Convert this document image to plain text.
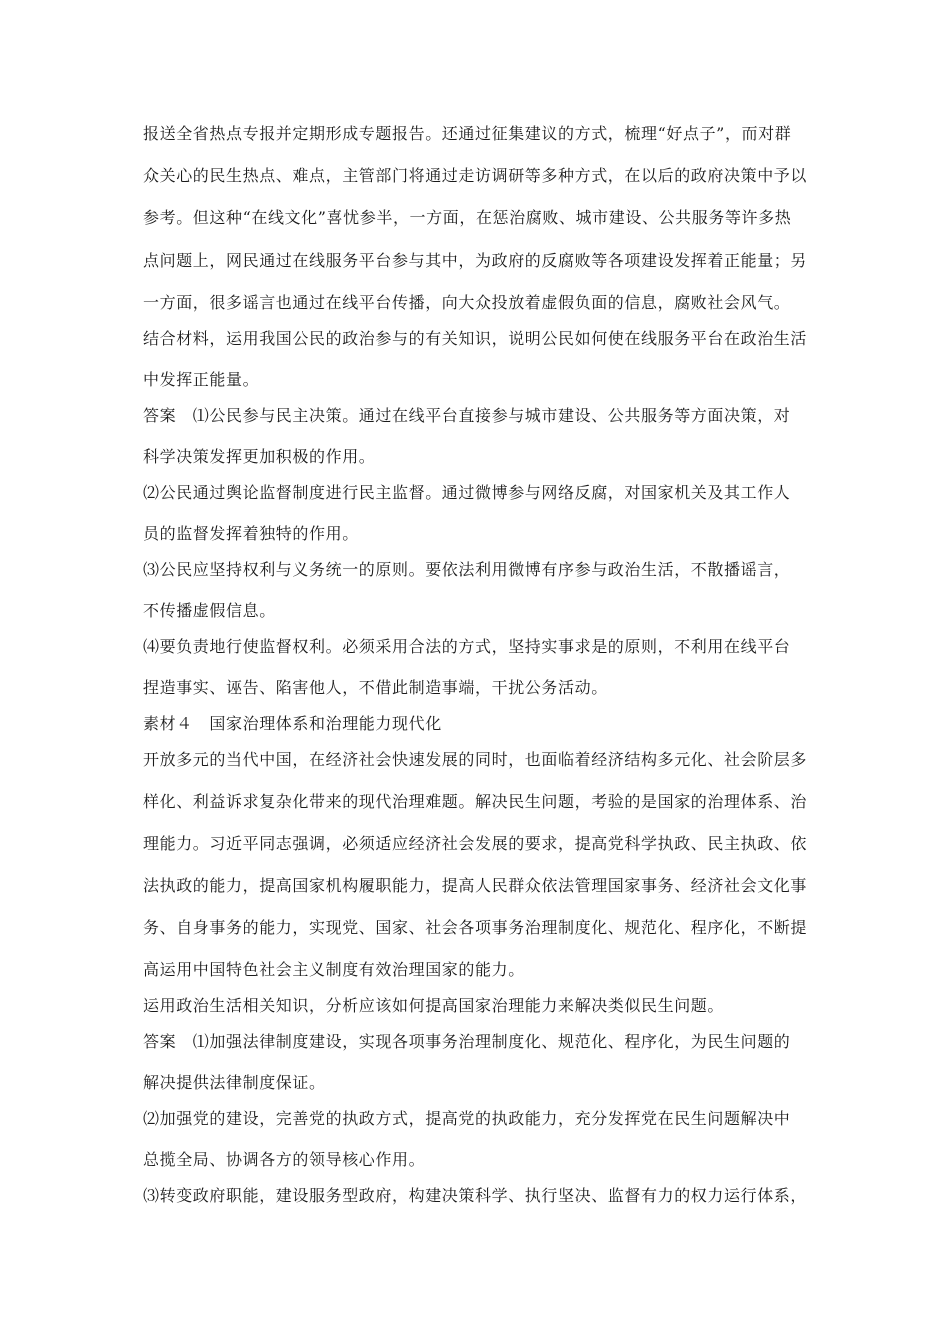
报送全省热点专报并定期形成专题报告。还通过征集建议的方式，梳理“好点子”，而对群
众关心的民生热点、难点，主管部门将通过走访调研等多种方式，在以后的政府决策中予以
参考。但这种“在线文化”喜忧参半，一方面，在惩治腐败、城市建设、公共服务等许多热
点问题上，网民通过在线服务平台参与其中，为政府的反腐败等各项建设发挥着正能量；另
一方面，很多谣言也通过在线平台传播，向大众投放着虚假负面的信息，腐败社会风气。
结合材料，运用我国公民的政治参与的有关知识，说明公民如何使在线服务平台在政治生活
中发挥正能量。
答案　⑴公民参与民主决策。通过在线平台直接参与城市建设、公共服务等方面决策，对
科学决策发挥更加积极的作用。
⑵公民通过舆论监督制度进行民主监督。通过微博参与网络反腐，对国家机关及其工作人
员的监督发挥着独特的作用。
⑶公民应坚持权利与义务统一的原则。要依法利用微博有序参与政治生活，不散播谣言，
不传播虚假信息。
⑷要负责地行使监督权利。必须采用合法的方式，坚持实事求是的原则，不利用在线平台
捏造事实、诬告、陷害他人，不借此制造事端，干扰公务活动。
素材４　国家治理体系和治理能力现代化
开放多元的当代中国，在经济社会快速发展的同时，也面临着经济结构多元化、社会阶层多
样化、利益诉求复杂化带来的现代治理难题。解决民生问题，考验的是国家的治理体系、治
理能力。习近平同志强调，必须适应经济社会发展的要求，提高党科学执政、民主执政、依
法执政的能力，提高国家机构履职能力，提高人民群众依法管理国家事务、经济社会文化事
务、自身事务的能力，实现党、国家、社会各项事务治理制度化、规范化、程序化，不断提
高运用中国特色社会主义制度有效治理国家的能力。
运用政治生活相关知识，分析应该如何提高国家治理能力来解决类似民生问题。
答案　⑴加强法律制度建设，实现各项事务治理制度化、规范化、程序化，为民生问题的
解决提供法律制度保证。
⑵加强党的建设，完善党的执政方式，提高党的执政能力，充分发挥党在民生问题解决中
总揽全局、协调各方的领导核心作用。
⑶转变政府职能，建设服务型政府，构建决策科学、执行坚决、监督有力的权力运行体系，
